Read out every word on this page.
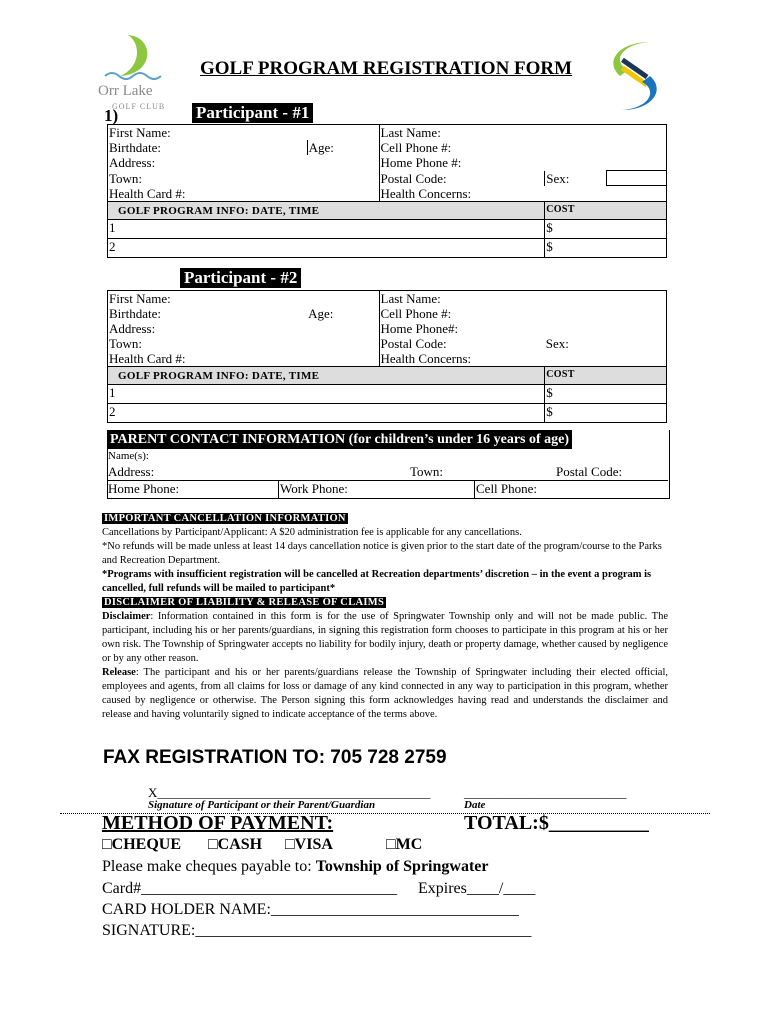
Orr Lake
GOLF CLUB
GOLF PROGRAM REGISTRATION FORM
1)	Participant - #1
First Name:		Last Name:		
Birthdate:	Age:	Cell Phone #:		
Address:		Home Phone #:		
Town:		Postal Code:	Sex:	
Health Card #:		Health Concerns:		
GOLF PROGRAM INFO: DATE, TIME			COST	
1			$	
2			$	
Participant - #2
First Name:		Last Name:	
Birthdate:	Age:	Cell Phone #:	
Address:		Home Phone#:	
Town:		Postal Code:	Sex:
Health Card #:		Health Concerns:	
GOLF PROGRAM INFO: DATE, TIME			COST
1			$
2			$
PARENT CONTACT INFORMATION (for children’s under 16 years of age)
Name(s):
Address:	Town:	Postal Code:
Home Phone:	Work Phone:	Cell Phone:
IMPORTANT CANCELLATION INFORMATION

Cancellations by Participant/Applicant: A $20 administration fee is applicable for any cancellations.

*No refunds will be made unless at least 14 days cancellation notice is given prior to the start date of the program/course to the Parks and Recreation Department.

*Programs with insufficient registration will be cancelled at Recreation departments’ discretion – in the event a program is cancelled, full refunds will be mailed to participant*

DISCLAIMER OF LIABILITY & RELEASE OF CLAIMS

Disclaimer: Information contained in this form is for the use of Springwater Township only and will not be made public. The participant, including his or her parents/guardians, in signing this registration form chooses to participate in this program at his or her own risk. The Township of Springwater accepts no liability for bodily injury, death or property damage, whether caused by negligence or by any other reason.

Release: The participant and his or her parents/guardians release the Township of Springwater including their elected official, employees and agents, from all claims for loss or damage of any kind connected in any way to participation in this program, whether caused by negligence or otherwise. The Person signing this form acknowledges having read and understands the disclaimer and release and having voluntarily signed to indicate acceptance of the terms above.

FAX REGISTRATION TO: 705 728 2759
X__________________________________________
Signature of Participant or their Parent/Guardian
_________________________
Date
METHOD OF PAYMENT:	TOTAL:$__________
□CHEQUE □CASH □VISA	□MC
Please make cheques payable to: Township of Springwater
Card#________________________________ Expires____/____
CARD HOLDER NAME:_______________________________
SIGNATURE:__________________________________________
